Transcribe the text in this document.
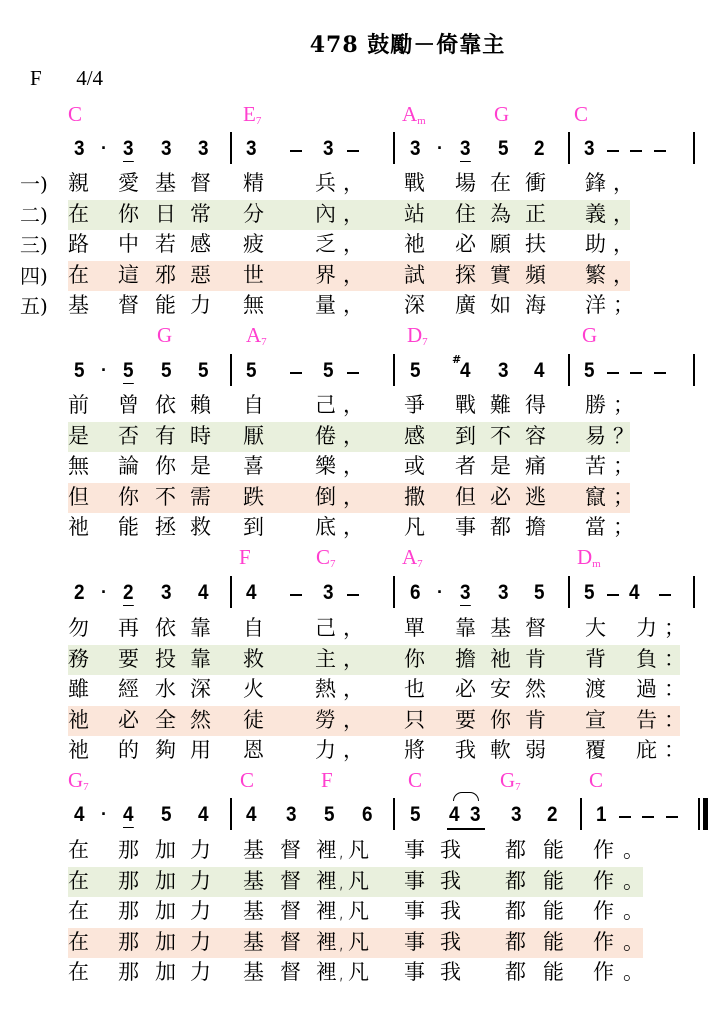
478 鼓勵－倚靠主
F 4/4
C	$E_7$	$A_m$	G	C
3 · 3 3 3 3	3	3 · 3 5 2 3
一)
二)
三)
四)
五)
親 愛 基 督 精 兵 ， 戰 場 在 衝 鋒 ，
在 你 日 常 分 內 ， 站 住 為 正 義 ，
路 中 若 感 疲 乏 ， 祂 必 願 扶 助 ，
在 這 邪 惡 世 界 ， 試 探 實 頻 繁 ，
基 督 能 力 無 量 ， 深 廣 如 海 洋 ；
G	$A_7$	$D_7$	G
5 · 5 5 5 5	5	5	#
4 3 4 5
前 曾 依 賴 自 己 ， 爭 戰 難 得 勝 ；
是 否 有 時 厭 倦 ， 感 到 不 容 易 ？
無 論 你 是 喜 樂 ， 或 者 是 痛 苦 ；
但 你 不 需 跌 倒 ， 撒 但 必 逃 竄 ；
祂 能 拯 救 到 底 ， 凡 事 都 擔 當 ；
F	$C_7$	$A_7$	$D_m$
2 · 2 3 4 4	3	6 · 3 3 5 5 4
勿 再 依 靠 自 己 ， 單 靠 基 督 大 力 ；
務 要 投 靠 救 主 ， 你 擔 祂 肯 背 負 ：
雖 經 水 深 火 熱 ， 也 必 安 然 渡 過 ：
祂 必 全 然 徒 勞 ， 只 要 你 肯 宣 告 ：
祂 的 夠 用 恩 力 ， 將 我 軟 弱 覆 庇 ：
$G_7$	C	F	C	$G_7$	C
4 · 4 5 4 4 3 5 6 5 4 3 3 2 1
在 那 加 力 基 督 裡 , 凡 事 我 都 能 作 。
在 那 加 力 基 督 裡 , 凡 事 我 都 能 作 。
在 那 加 力 基 督 裡 , 凡 事 我 都 能 作 。
在 那 加 力 基 督 裡 , 凡 事 我 都 能 作 。
在 那 加 力 基 督 裡 , 凡 事 我 都 能 作 。
